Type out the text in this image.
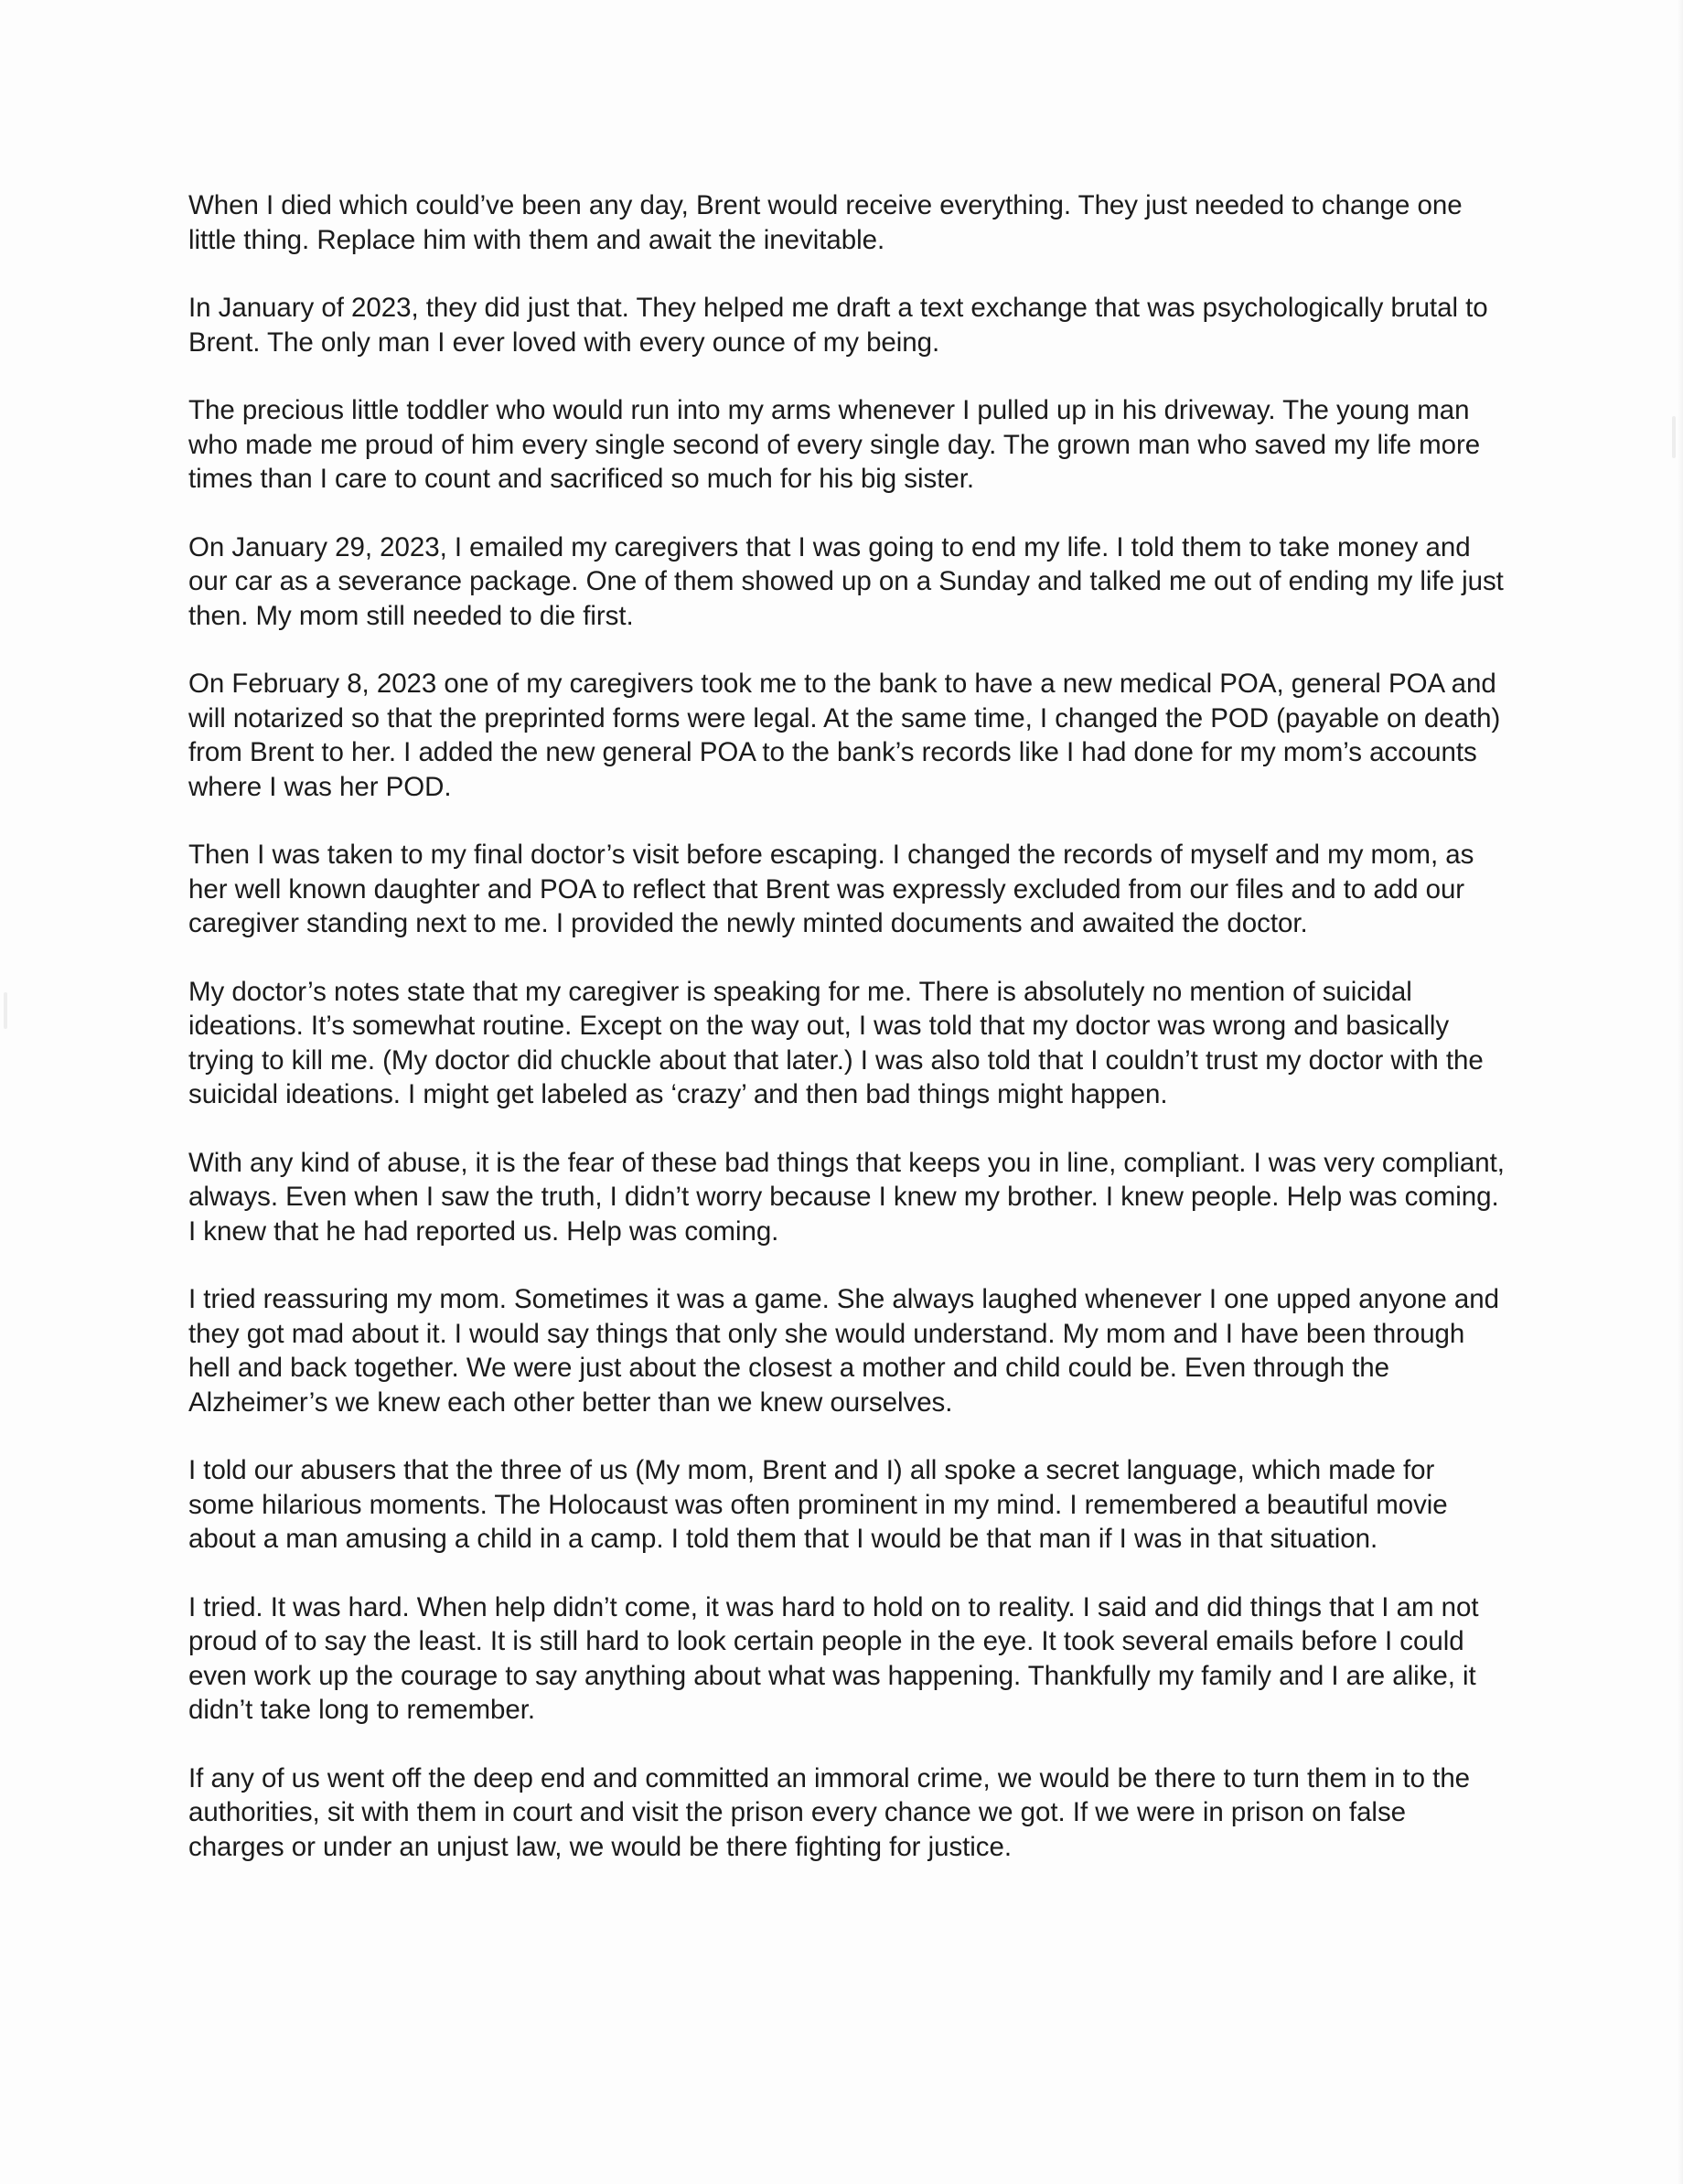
When I died which could’ve been any day, Brent would receive everything. They just needed to change one little thing. Replace him with them and await the inevitable.

In January of 2023, they did just that. They helped me draft a text exchange that was psychologically brutal to Brent. The only man I ever loved with every ounce of my being.

The precious little toddler who would run into my arms whenever I pulled up in his driveway. The young man who made me proud of him every single second of every single day. The grown man who saved my life more times than I care to count and sacrificed so much for his big sister.

On January 29, 2023, I emailed my caregivers that I was going to end my life. I told them to take money and our car as a severance package. One of them showed up on a Sunday and talked me out of ending my life just then. My mom still needed to die first.

On February 8, 2023 one of my caregivers took me to the bank to have a new medical POA, general POA and will notarized so that the preprinted forms were legal. At the same time, I changed the POD (payable on death) from Brent to her. I added the new general POA to the bank’s records like I had done for my mom’s accounts where I was her POD.

Then I was taken to my final doctor’s visit before escaping. I changed the records of myself and my mom, as her well known daughter and POA to reflect that Brent was expressly excluded from our files and to add our caregiver standing next to me. I provided the newly minted documents and awaited the doctor.

My doctor’s notes state that my caregiver is speaking for me. There is absolutely no mention of suicidal ideations. It’s somewhat routine. Except on the way out, I was told that my doctor was wrong and basically trying to kill me. (My doctor did chuckle about that later.) I was also told that I couldn’t trust my doctor with the suicidal ideations. I might get labeled as ‘crazy’ and then bad things might happen.

With any kind of abuse, it is the fear of these bad things that keeps you in line, compliant. I was very compliant, always. Even when I saw the truth, I didn’t worry because I knew my brother. I knew people. Help was coming. I knew that he had reported us. Help was coming.

I tried reassuring my mom. Sometimes it was a game. She always laughed whenever I one upped anyone and they got mad about it. I would say things that only she would understand. My mom and I have been through hell and back together. We were just about the closest a mother and child could be. Even through the Alzheimer’s we knew each other better than we knew ourselves.

I told our abusers that the three of us (My mom, Brent and I) all spoke a secret language, which made for some hilarious moments. The Holocaust was often prominent in my mind. I remembered a beautiful movie about a man amusing a child in a camp. I told them that I would be that man if I was in that situation.

I tried. It was hard. When help didn’t come, it was hard to hold on to reality. I said and did things that I am not proud of to say the least. It is still hard to look certain people in the eye. It took several emails before I could even work up the courage to say anything about what was happening. Thankfully my family and I are alike, it didn’t take long to remember.

If any of us went off the deep end and committed an immoral crime, we would be there to turn them in to the authorities, sit with them in court and visit the prison every chance we got. If we were in prison on false charges or under an unjust law, we would be there fighting for justice.
